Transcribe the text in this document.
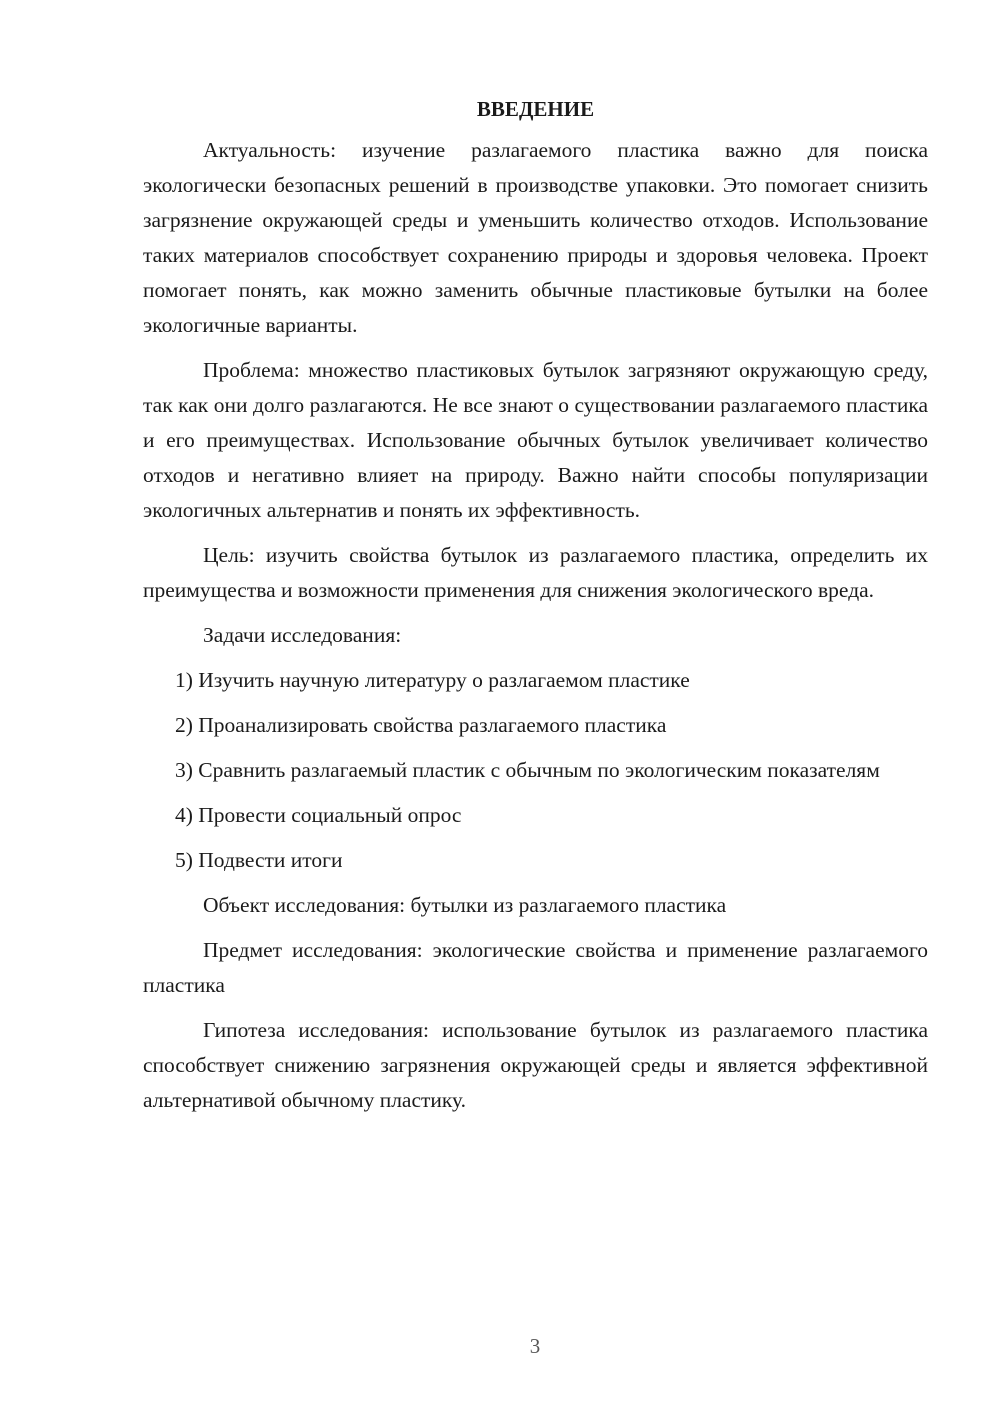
ВВЕДЕНИЕ

Актуальность: изучение разлагаемого пластика важно для поиска экологически безопасных решений в производстве упаковки. Это помогает снизить загрязнение окружающей среды и уменьшить количество отходов. Использование таких материалов способствует сохранению природы и здоровья человека. Проект помогает понять, как можно заменить обычные пластиковые бутылки на более экологичные варианты.

Проблема: множество пластиковых бутылок загрязняют окружающую среду, так как они долго разлагаются. Не все знают о существовании разлагаемого пластика и его преимуществах. Использование обычных бутылок увеличивает количество отходов и негативно влияет на природу. Важно найти способы популяризации экологичных альтернатив и понять их эффективность.

Цель: изучить свойства бутылок из разлагаемого пластика, определить их преимущества и возможности применения для снижения экологического вреда.

Задачи исследования:

1) Изучить научную литературу о разлагаемом пластике

2) Проанализировать свойства разлагаемого пластика

3) Сравнить разлагаемый пластик с обычным по экологическим показателям

4) Провести социальный опрос

5) Подвести итоги

Объект исследования: бутылки из разлагаемого пластика

Предмет исследования: экологические свойства и применение разлагаемого пластика

Гипотеза исследования: использование бутылок из разлагаемого пластика способствует снижению загрязнения окружающей среды и является эффективной альтернативой обычному пластику.

3
